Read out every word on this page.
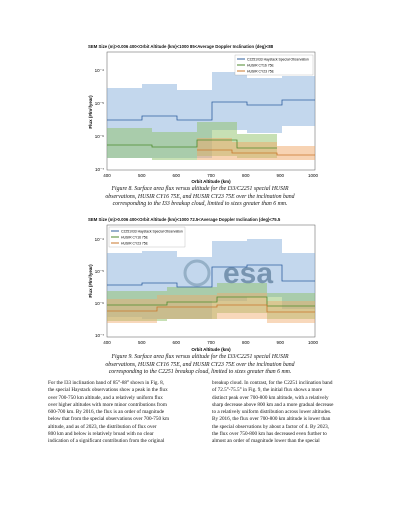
SEM Size (m)>0.006 400<Orbit Altitude (km)<1000 85<Average Doppler Inclination (deg)<88
C2251/I33 Haystack Special Observation
HUSIR CT16 75E
HUSIR CY23 75E
10⁻⁴
10⁻⁵
10⁻⁶
10⁻⁷
400	500	600	700	800	900	1000
Orbit Altitude (km)
Flux (#/m²/year)
Figure 8. Surface area flux versus altitude for the I33/C2251 special HUSIR
observations, HUSIR CY16 75E, and HUSIR CY23 75E over the inclination band
corresponding to the I33 breakup cloud, limited to sizes greater than 6 mm.
SEM Size (m)>0.006 400<Orbit Altitude (km)<1000 72.5<Average Doppler Inclination (deg)<75.5
C2251/I33 Haystack Special Observation
HUSIR CY16 75E
HUSIR CY23 75E
esa
10⁻⁴
10⁻⁵
10⁻⁶
10⁻⁷
400	500	600	700	800	900	1000
Orbit Altitude (km)
Flux (#/m²/year)
Figure 9. Surface area flux versus altitude for the I33/C2251 special HUSIR
observations, HUSIR CY16 75E, and HUSIR CY23 75E over the inclination band
corresponding to the C2251 breakup cloud, limited to sizes greater than 6 mm.
For the I33 inclination band of 85°-88° shown in Fig. 8,
the special Haystack observations show a peak in the flux
over 700-750 km altitude, and a relatively uniform flux
over higher altitudes with more minor contributions from
600-700 km. By 2016, the flux is an order of magnitude
below that from the special observations over 700-750 km
altitude, and as of 2023, the distribution of flux over
800 km and below is relatively broad with no clear
indication of a significant contribution from the original
breakup cloud. In contrast, for the C2251 inclination band
of 72.5°-75.5° in Fig. 9, the initial flux shows a more
distinct peak over 700-800 km altitude, with a relatively
sharp decrease above 800 km and a more gradual decrease
to a relatively uniform distribution across lower altitudes.
By 2016, the flux over 700-800 km altitude is lower than
the special observations by about a factor of 4. By 2023,
the flux over 750-800 km has decreased even further to
almost an order of magnitude lower than the special
